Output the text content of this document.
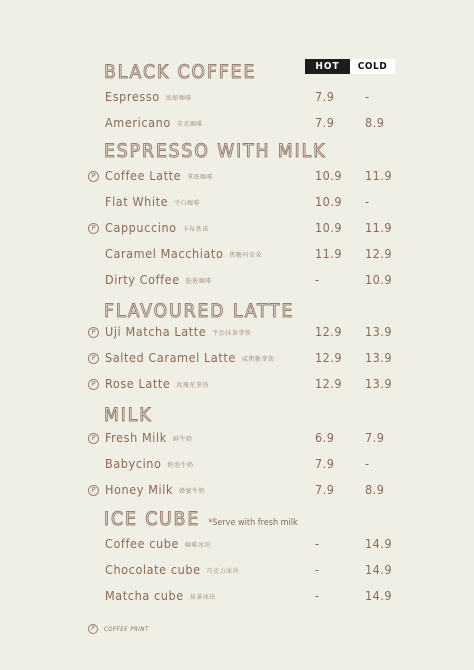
HOT	COLD
BLACK COFFEE
Espresso 浓缩咖啡	7.9 -
Americano 美式咖啡	7.9 8.9
ESPRESSO WITH MILK
P Coffee Latte 拿铁咖啡	10.9 11.9
Flat White 平白咖啡	10.9 -
P Cappuccino 卡布基诺	10.9 11.9
Caramel Macchiato 焦糖玛奇朵	11.9 12.9
Dirty Coffee 脏脏咖啡	-	10.9
FLAVOURED LATTE
P Uji Matcha Latte 宇治抹茶拿铁	12.9 13.9
P Salted Caramel Latte 咸焦糖拿铁	12.9 13.9
P Rose Latte 玫瑰花拿铁	12.9 13.9
MILK
P Fresh Milk 鲜牛奶	6.9 7.9
Babycino 奶泡牛奶	7.9 -
P Honey Milk 蜂蜜牛奶	7.9 8.9
ICE CUBE *Serve with fresh milk
Coffee cube 咖啡冰块	-	14.9
Chocolate cube 巧克力冰块	-	14.9
Matcha cube 抹茶冰块	-	14.9
P	COFFEE PRINT
